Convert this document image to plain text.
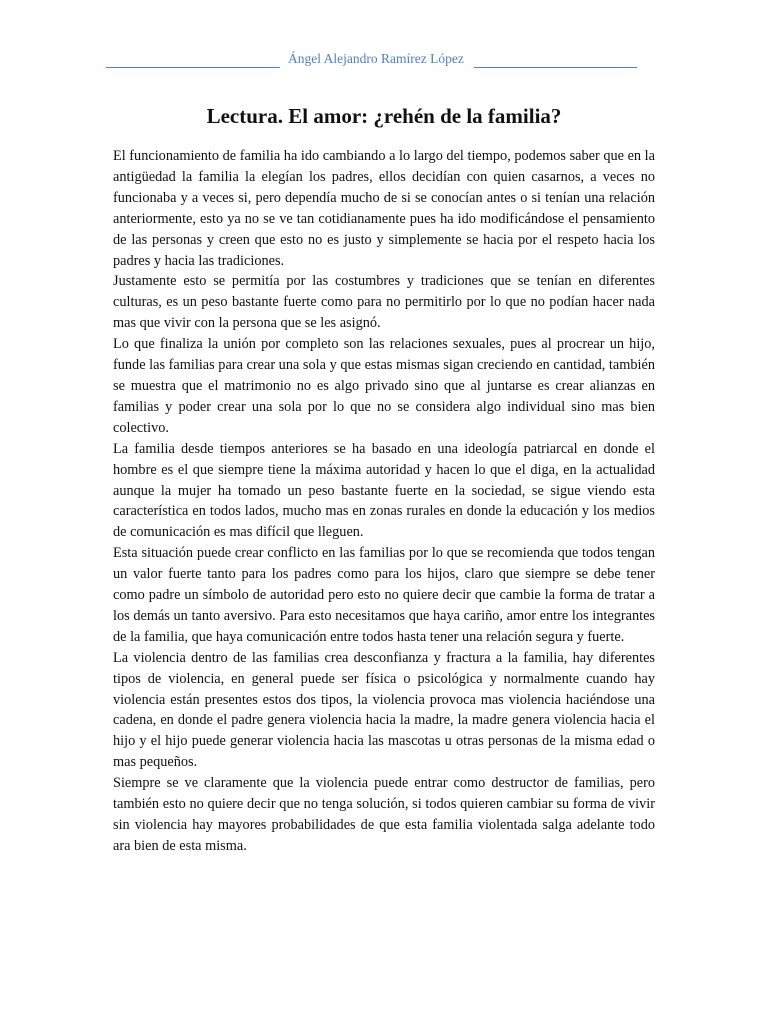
Ángel Alejandro Ramírez López
Lectura. El amor: ¿rehén de la familia?

El funcionamiento de familia ha ido cambiando a lo largo del tiempo, podemos saber que en la antigüedad la familia la elegían los padres, ellos decidían con quien casarnos, a veces no funcionaba y a veces si, pero dependía mucho de si se conocían antes o si tenían una relación anteriormente, esto ya no se ve tan cotidianamente pues ha ido modificándose el pensamiento de las personas y creen que esto no es justo y simplemente se hacia por el respeto hacia los padres y hacia las tradiciones.

Justamente esto se permitía por las costumbres y tradiciones que se tenían en diferentes culturas, es un peso bastante fuerte como para no permitirlo por lo que no podían hacer nada mas que vivir con la persona que se les asignó.

Lo que finaliza la unión por completo son las relaciones sexuales, pues al procrear un hijo, funde las familias para crear una sola y que estas mismas sigan creciendo en cantidad, también se muestra que el matrimonio no es algo privado sino que al juntarse es crear alianzas en familias y poder crear una sola por lo que no se considera algo individual sino mas bien colectivo.

La familia desde tiempos anteriores se ha basado en una ideología patriarcal en donde el hombre es el que siempre tiene la máxima autoridad y hacen lo que el diga, en la actualidad aunque la mujer ha tomado un peso bastante fuerte en la sociedad, se sigue viendo esta característica en todos lados, mucho mas en zonas rurales en donde la educación y los medios de comunicación es mas difícil que lleguen.

Esta situación puede crear conflicto en las familias por lo que se recomienda que todos tengan un valor fuerte tanto para los padres como para los hijos, claro que siempre se debe tener como padre un símbolo de autoridad pero esto no quiere decir que cambie la forma de tratar a los demás un tanto aversivo. Para esto necesitamos que haya cariño, amor entre los integrantes de la familia, que haya comunicación entre todos hasta tener una relación segura y fuerte.

La violencia dentro de las familias crea desconfianza y fractura a la familia, hay diferentes tipos de violencia, en general puede ser física o psicológica y normalmente cuando hay violencia están presentes estos dos tipos, la violencia provoca mas violencia haciéndose una cadena, en donde el padre genera violencia hacia la madre, la madre genera violencia hacia el hijo y el hijo puede generar violencia hacia las mascotas u otras personas de la misma edad o mas pequeños.

Siempre se ve claramente que la violencia puede entrar como destructor de familias, pero también esto no quiere decir que no tenga solución, si todos quieren cambiar su forma de vivir sin violencia hay mayores probabilidades de que esta familia violentada salga adelante todo ara bien de esta misma.
